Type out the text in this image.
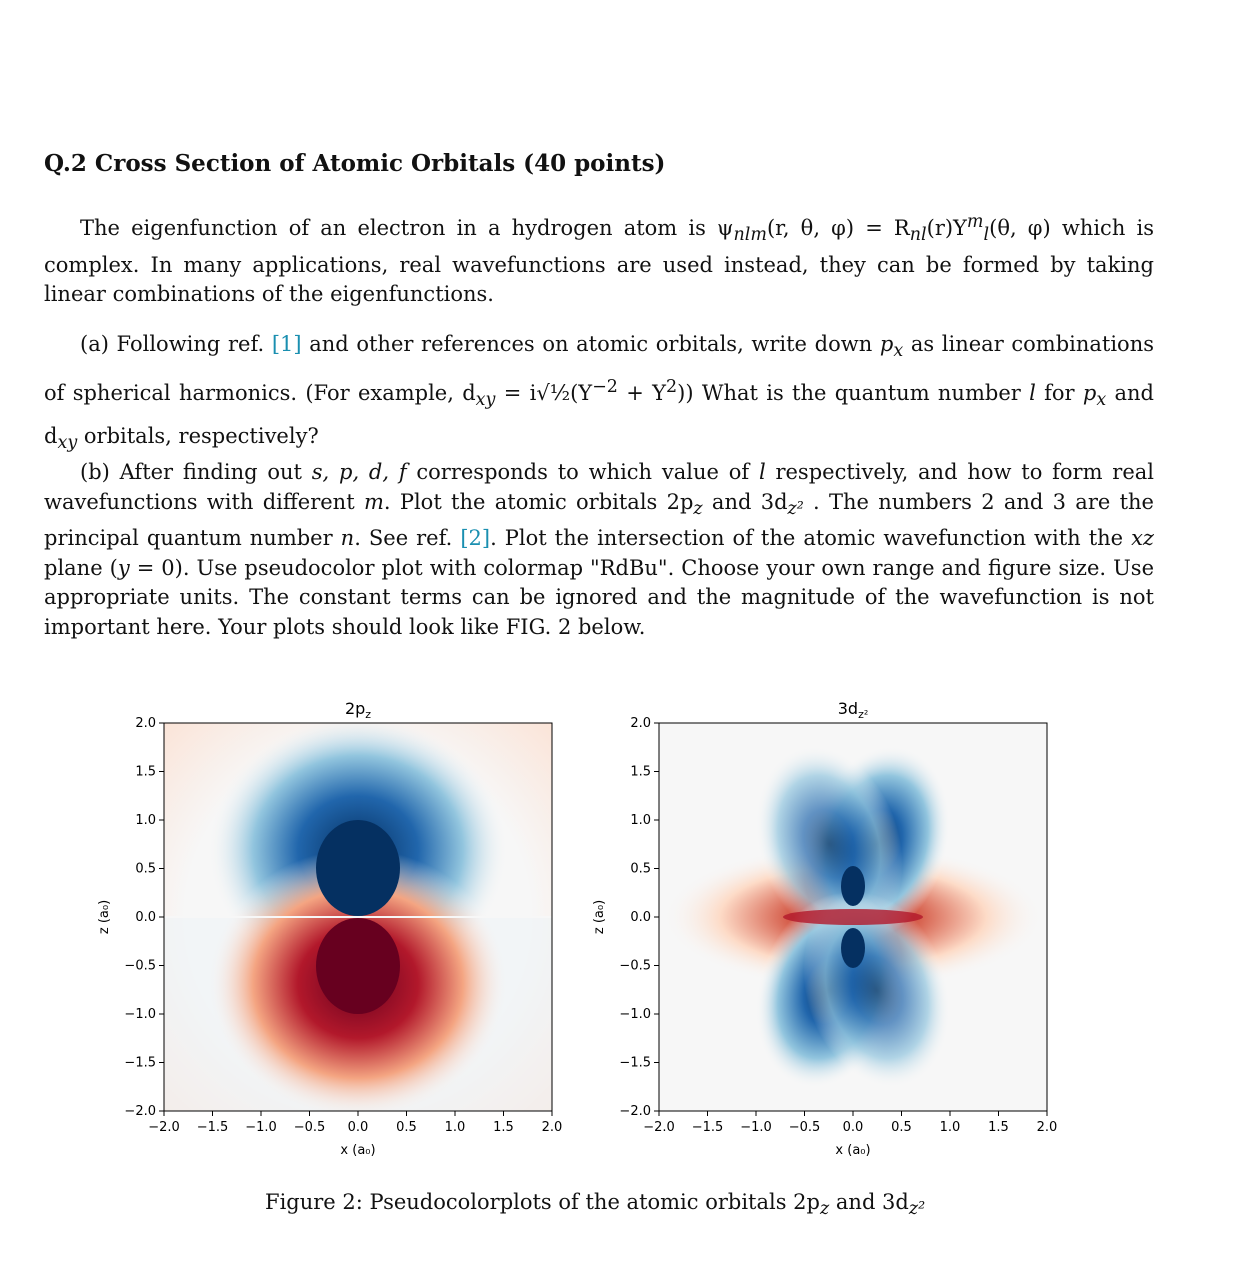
Q.2 Cross Section of Atomic Orbitals (40 points)

The eigenfunction of an electron in a hydrogen atom is $\psi_{nlm}(r$, θ, $\varphi) = R_{nl}(r)Y^m_l(\theta$, φ) which is complex. In many applications, real wavefunctions are used instead, they can be formed by taking linear combinations of the eigenfunctions.

(a) Following ref. [1] and other references on atomic orbitals, write down $p_x$ as linear combinations of spherical harmonics. (For example, $d_{xy}$ = $i√\frac{1}{2}(Y^{-2} + Y^2)$) What is the quantum number l for $p_x$ and $d_{xy}$ orbitals, respectively?

(b) After finding out s, p, d, f corresponds to which value of l respectively, and how to form real wavefunctions with different m. Plot the atomic orbitals $2p_z$ and $3d_{z^2}$ . The numbers 2 and 3 are the principal quantum number n. See ref. [2]. Plot the intersection of the atomic wavefunction with the xz plane (y = 0). Use pseudocolor plot with colormap "RdBu". Choose your own range and figure size. Use appropriate units. The constant terms can be ignored and the magnitude of the wavefunction is not important here. Your plots should look like FIG. 2 below.

$2p_z$
2.0
1.5
1.0
0.5
0.0
−0.5
−1.0
−1.5
−2.0
−2.0 −1.5 −1.0 −0.5 0.0 0.5 1.0 1.5 2.0
x (a₀)
z (a₀)
$3d_{z^2}$
2.0
1.5
1.0
0.5
0.0
−0.5
−1.0
−1.5
−2.0
−2.0 −1.5 −1.0 −0.5 0.0 0.5 1.0 1.5 2.0
x (a₀)
z (a₀)

Figure 2: Pseudocolorplots of the atomic orbitals $2p_z$ and $3d_{z^2}$
